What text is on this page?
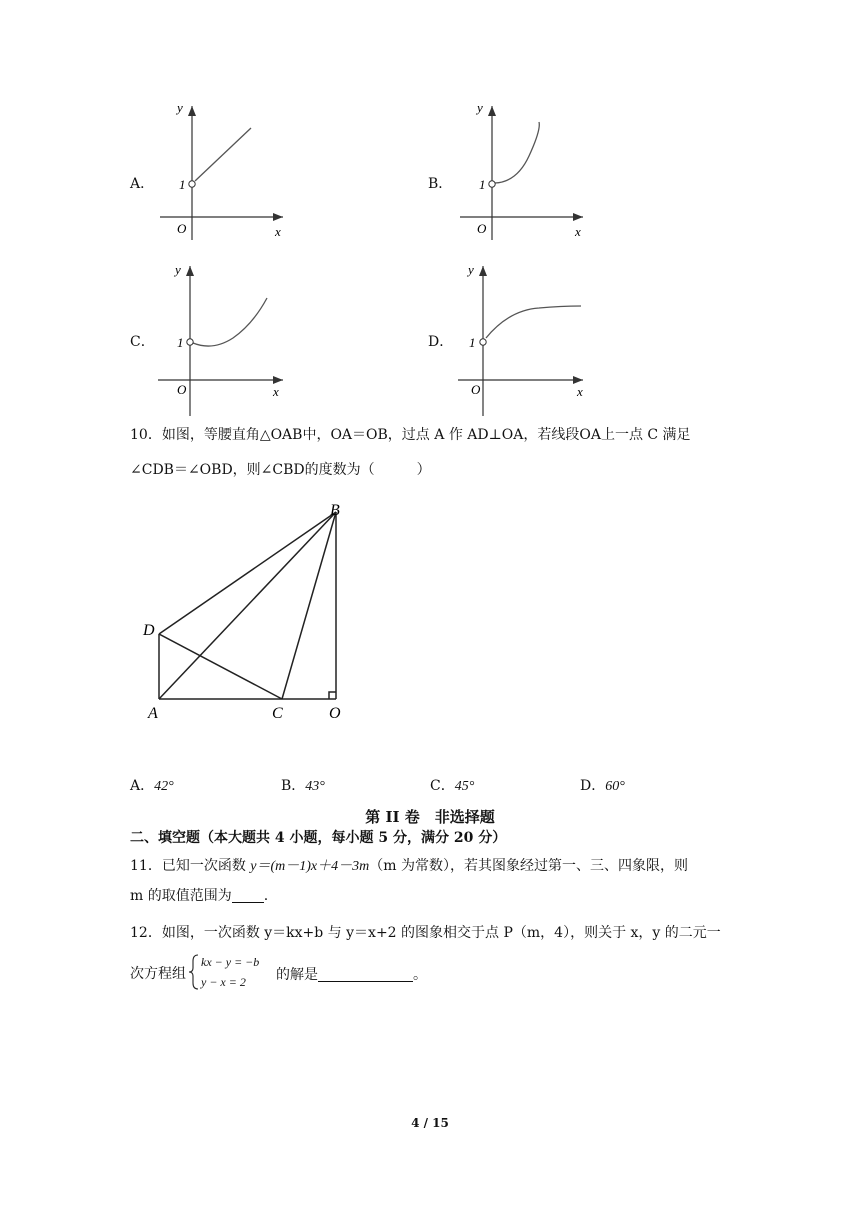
A．
y
x
O
1	B．
y
x
O
1
C．
y
x
O
1	D．
y
x
O
1
10．如图，等腰直角△OAB中，OA＝OB，过点 A 作 AD⊥OA，若线段OA上一点 C 满足
∠CDB＝∠OBD，则∠CBD的度数为（　　　）
B
D
A	C	O
A．42°	B．43°	C．45°	D．60°
第 II 卷　非选择题
二、填空题（本大题共 4 小题，每小题 5 分，满分 20 分）
11．已知一次函数 y＝(m－1)x＋4－3m（m 为常数），若其图象经过第一、三、四象限，则
m 的取值范围为 .
12．如图，一次函数 y＝kx+b 与 y＝x+2 的图象相交于点 P（m，4），则关于 x，y 的二元一
次方程组
kx − y = −b
y − x = 2 的解是	。
4 / 15
